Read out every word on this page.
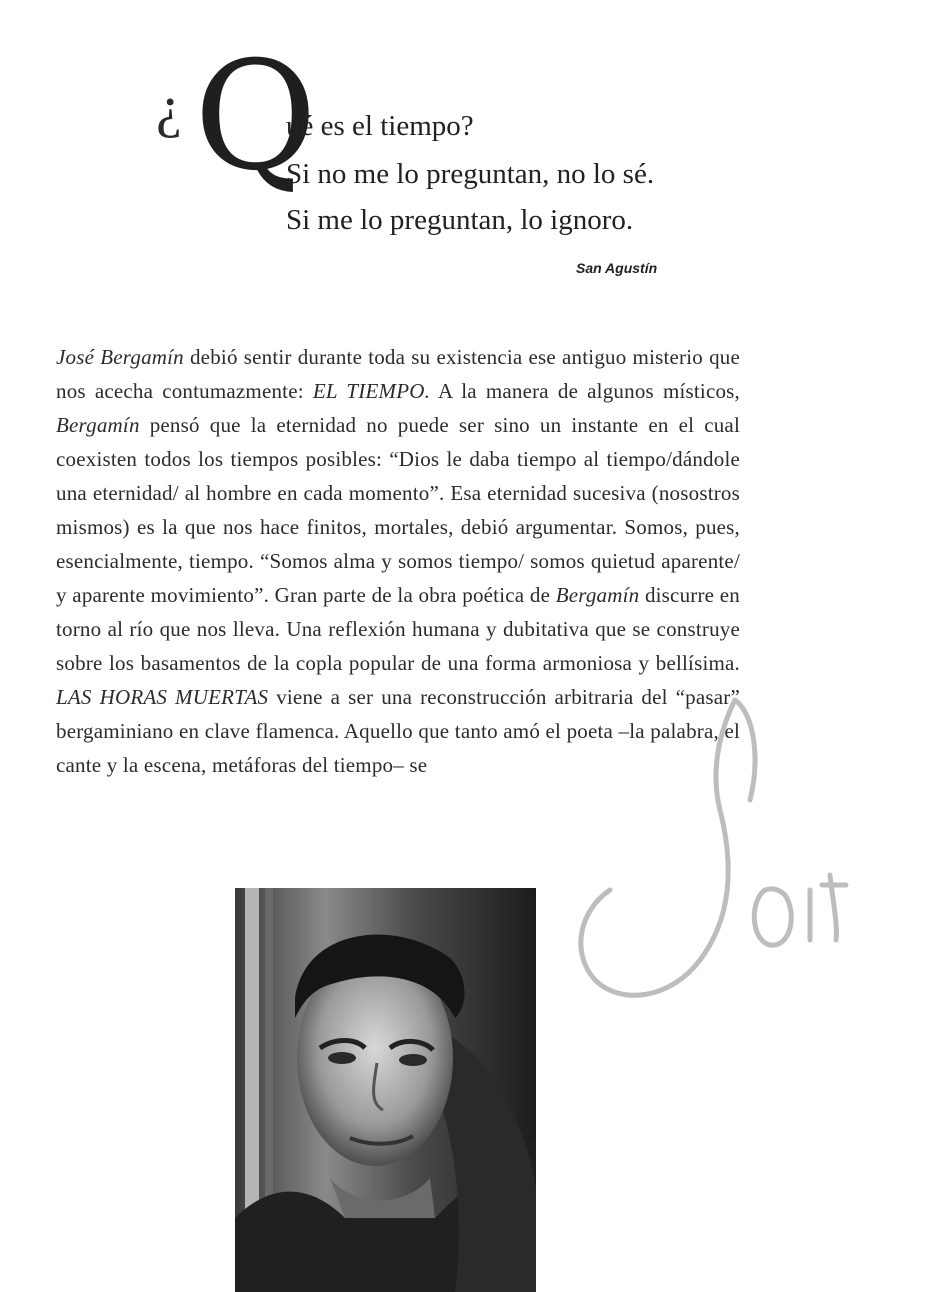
¿ Q
ué es el tiempo?
Si no me lo preguntan, no lo sé.
Si me lo preguntan, lo ignoro.
San Agustín
José Bergamín debió sentir durante toda su existencia ese antiguo misterio que nos acecha contumazmente: EL TIEMPO. A la manera de algunos místicos, Bergamín pensó que la eternidad no puede ser sino un instante en el cual coexisten todos los tiempos posibles: “Dios le daba tiempo al tiempo/dándole una eternidad/ al hombre en cada momento”. Esa eternidad sucesiva (nosostros mismos) es la que nos hace finitos, mortales, debió argumentar. Somos, pues, esencialmente, tiempo. “Somos alma y somos tiempo/ somos quietud aparente/ y aparente movimiento”. Gran parte de la obra poética de Bergamín discurre en torno al río que nos lleva. Una reflexión humana y dubitativa que se construye sobre los basamentos de la copla popular de una forma armoniosa y bellísima. LAS HORAS MUERTAS viene a ser una reconstrucción arbitraria del “pasar” bergaminiano en clave flamenca. Aquello que tanto amó el poeta –la palabra, el cante y la escena, metáforas del tiempo– se
